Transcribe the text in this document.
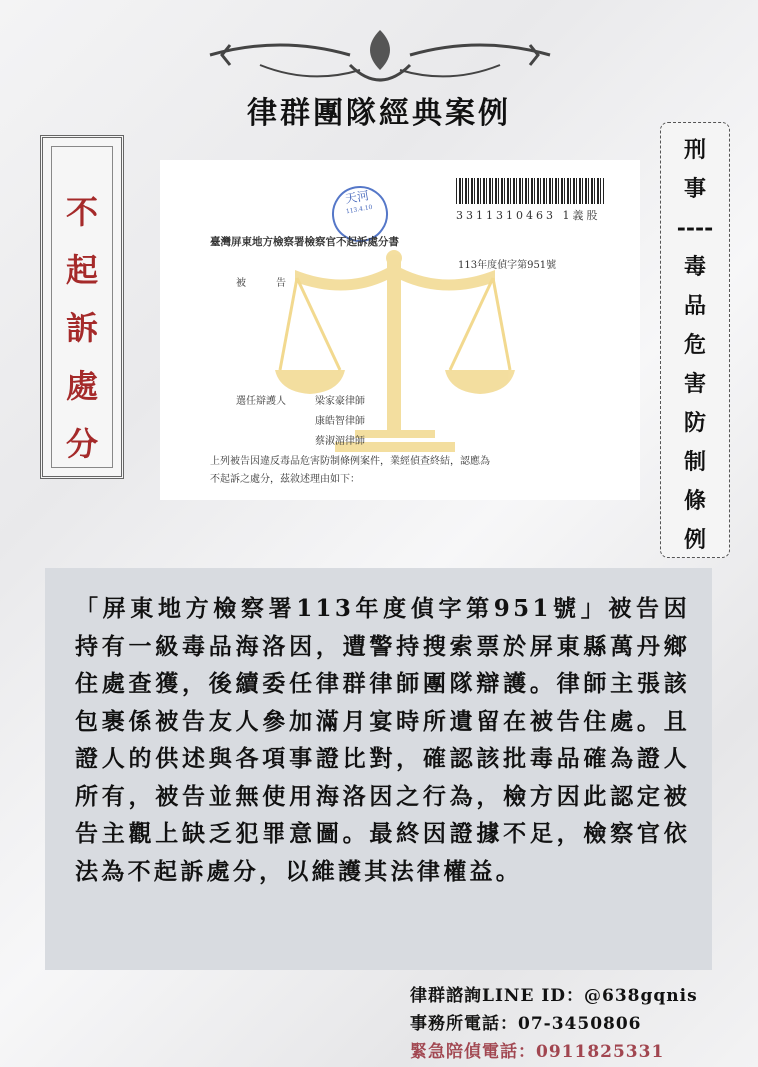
律群團隊經典案例
不
起
訴
處
分
刑
事
----
毒
品
危
害
防
制
條
例
3311310463 1義股
天河
113.4.10
臺灣屏東地方檢察署檢察官不起訴處分書
113年度偵字第951號
被　　　告
選任辯護人	梁家豪律師
康皓智律師
蔡淑湄律師
上列被告因違反毒品危害防制條例案件，業經偵查終結，認應為
不起訴之處分，茲敘述理由如下：

「屏東地方檢察署113年度偵字第951號」被告因持有一級毒品海洛因，遭警持搜索票於屏東縣萬丹鄉住處查獲，後續委任律群律師團隊辯護。律師主張該包裹係被告友人參加滿月宴時所遺留在被告住處。且證人的供述與各項事證比對，確認該批毒品確為證人所有，被告並無使用海洛因之行為，檢方因此認定被告主觀上缺乏犯罪意圖。最終因證據不足，檢察官依法為不起訴處分，以維護其法律權益。

律群諮詢LINE ID：@638gqnis
事務所電話：07-3450806
緊急陪偵電話：0911825331
